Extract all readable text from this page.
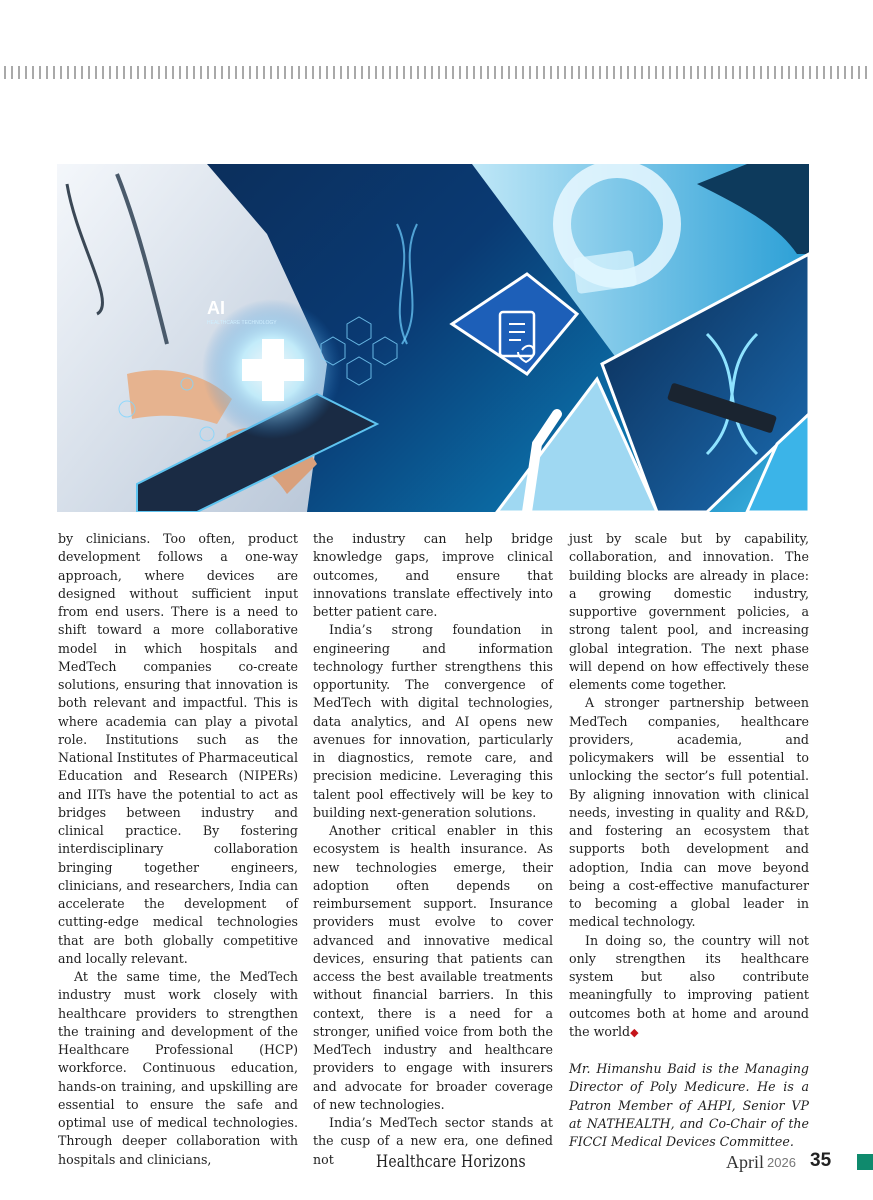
AI
HEALTHCARE TECHNOLOGY

by clinicians. Too often, product development follows a one-way approach, where devices are designed without sufficient input from end users. There is a need to shift toward a more collaborative model in which hospitals and MedTech companies co-create solutions, ensuring that innovation is both relevant and impactful. This is where academia can play a pivotal role. Institutions such as the National Institutes of Pharmaceutical Education and Research (NIPERs) and IITs have the potential to act as bridges between industry and clinical practice. By fostering interdisciplinary collaboration bringing together engineers, clinicians, and researchers, India can accelerate the development of cutting-edge medical technologies that are both globally competitive and locally relevant.

At the same time, the MedTech industry must work closely with healthcare providers to strengthen the training and development of the Healthcare Professional (HCP) workforce. Continuous education, hands-on training, and upskilling are essential to ensure the safe and optimal use of medical technologies. Through deeper collaboration with hospitals and clinicians,

the industry can help bridge knowledge gaps, improve clinical outcomes, and ensure that innovations translate effectively into better patient care.

India’s strong foundation in engineering and information technology further strengthens this opportunity. The convergence of MedTech with digital technologies, data analytics, and AI opens new avenues for innovation, particularly in diagnostics, remote care, and precision medicine. Leveraging this talent pool effectively will be key to building next-generation solutions.

Another critical enabler in this ecosystem is health insurance. As new technologies emerge, their adoption often depends on reimbursement support. Insurance providers must evolve to cover advanced and innovative medical devices, ensuring that patients can access the best available treatments without financial barriers. In this context, there is a need for a stronger, unified voice from both the MedTech industry and healthcare providers to engage with insurers and advocate for broader coverage of new technologies.

India’s MedTech sector stands at the cusp of a new era, one defined not

just by scale but by capability, collaboration, and innovation. The building blocks are already in place: a growing domestic industry, supportive government policies, a strong talent pool, and increasing global integration. The next phase will depend on how effectively these elements come together.

A stronger partnership between MedTech companies, healthcare providers, academia, and policymakers will be essential to unlocking the sector’s full potential. By aligning innovation with clinical needs, investing in quality and R&D, and fostering an ecosystem that supports both development and adoption, India can move beyond being a cost-effective manufacturer to becoming a global leader in medical technology.

In doing so, the country will not only strengthen its healthcare system but also contribute meaningfully to improving patient outcomes both at home and around the world◆

Mr. Himanshu Baid is the Managing Director of Poly Medicure. He is a Patron Member of AHPI, Senior VP at NATHEALTH, and Co-Chair of the FICCI Medical Devices Committee.

Healthcare Horizons	April 2026 35
